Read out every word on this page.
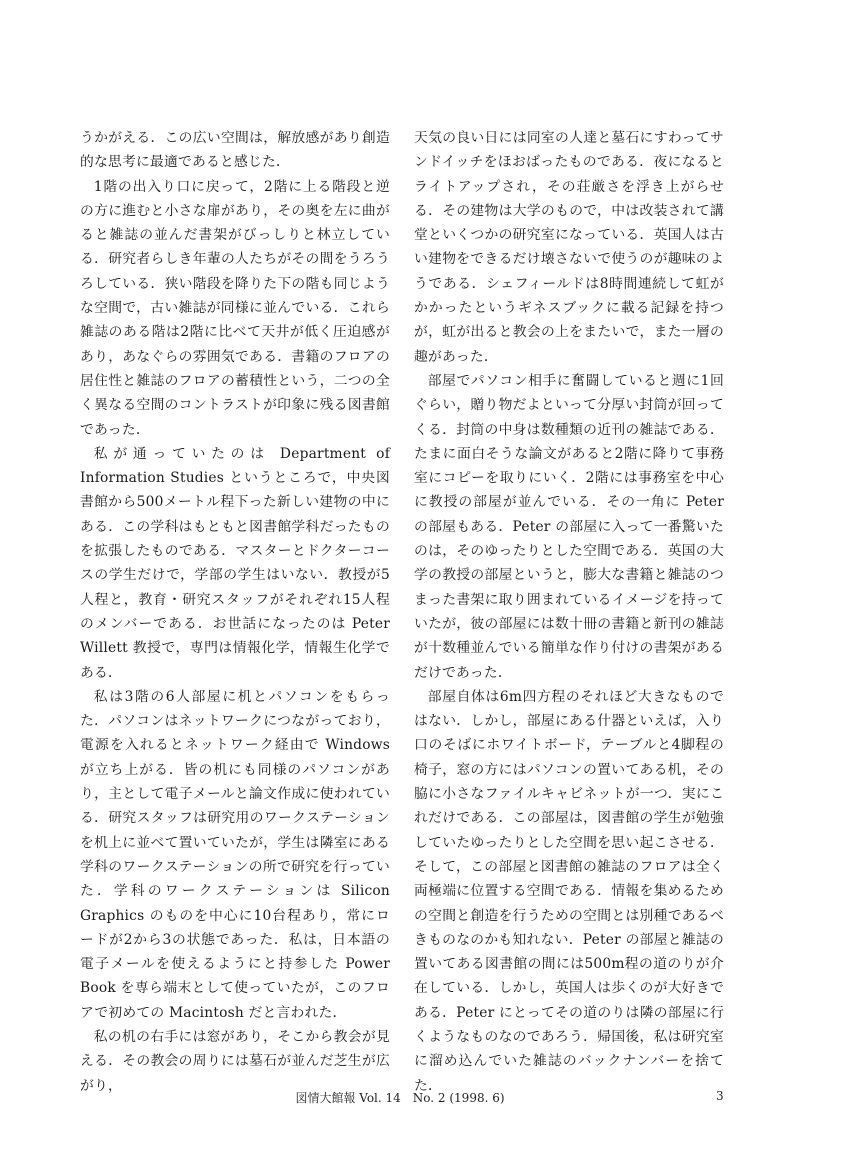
うかがえる．この広い空間は，解放感があり創造的な思考に最適であると感じた．

1階の出入り口に戻って，2階に上る階段と逆の方に進むと小さな扉があり，その奥を左に曲がると雑誌の並んだ書架がびっしりと林立している．研究者らしき年輩の人たちがその間をうろうろしている．狭い階段を降りた下の階も同じような空間で，古い雑誌が同様に並んでいる．これら雑誌のある階は2階に比べて天井が低く圧迫感があり，あなぐらの雰囲気である．書籍のフロアの居住性と雑誌のフロアの蓄積性という，二つの全く異なる空間のコントラストが印象に残る図書館であった．

私が通っていたのは Department of Information Studies というところで，中央図書館から500メートル程下った新しい建物の中にある．この学科はもともと図書館学科だったものを拡張したものである．マスターとドクターコースの学生だけで，学部の学生はいない．教授が5人程と，教育・研究スタッフがそれぞれ15人程のメンバーである．お世話になったのは Peter Willett 教授で，専門は情報化学，情報生化学である．

私は3階の6人部屋に机とパソコンをもらった．パソコンはネットワークにつながっており，電源を入れるとネットワーク経由で Windows が立ち上がる．皆の机にも同様のパソコンがあり，主として電子メールと論文作成に使われている．研究スタッフは研究用のワークステーションを机上に並べて置いていたが，学生は隣室にある学科のワークステーションの所で研究を行っていた．学科のワークステーションは Silicon Graphics のものを中心に10台程あり，常にロードが2から3の状態であった．私は，日本語の電子メールを使えるようにと持参した Power Book を専ら端末として使っていたが，このフロアで初めての Macintosh だと言われた．

私の机の右手には窓があり，そこから教会が見える．その教会の周りには墓石が並んだ芝生が広がり，

天気の良い日には同室の人達と墓石にすわってサンドイッチをほおばったものである．夜になるとライトアップされ，その荘厳さを浮き上がらせる．その建物は大学のもので，中は改装されて講堂といくつかの研究室になっている．英国人は古い建物をできるだけ壊さないで使うのが趣味のようである．シェフィールドは8時間連続して虹がかかったというギネスブックに載る記録を持つが，虹が出ると教会の上をまたいで，また一層の趣があった．

部屋でパソコン相手に奮闘していると週に1回ぐらい，贈り物だよといって分厚い封筒が回ってくる．封筒の中身は数種類の近刊の雑誌である．たまに面白そうな論文があると2階に降りて事務室にコピーを取りにいく．2階には事務室を中心に教授の部屋が並んでいる．その一角に Peter の部屋もある．Peter の部屋に入って一番驚いたのは，そのゆったりとした空間である．英国の大学の教授の部屋というと，膨大な書籍と雑誌のつまった書架に取り囲まれているイメージを持っていたが，彼の部屋には数十冊の書籍と新刊の雑誌が十数種並んでいる簡単な作り付けの書架があるだけであった．

部屋自体は6m四方程のそれほど大きなものではない．しかし，部屋にある什器といえば，入り口のそばにホワイトボード，テーブルと4脚程の椅子，窓の方にはパソコンの置いてある机，その脇に小さなファイルキャビネットが一つ．実にこれだけである．この部屋は，図書館の学生が勉強していたゆったりとした空間を思い起こさせる．そして，この部屋と図書館の雑誌のフロアは全く両極端に位置する空間である．情報を集めるための空間と創造を行うための空間とは別種であるべきものなのかも知れない．Peter の部屋と雑誌の置いてある図書館の間には500m程の道のりが介在している．しかし，英国人は歩くのが大好きである．Peter にとってその道のりは隣の部屋に行くようなものなのであろう．帰国後，私は研究室に溜め込んでいた雑誌のバックナンバーを捨てた．

図情大館報 Vol. 14　No. 2 (1998. 6)	3
